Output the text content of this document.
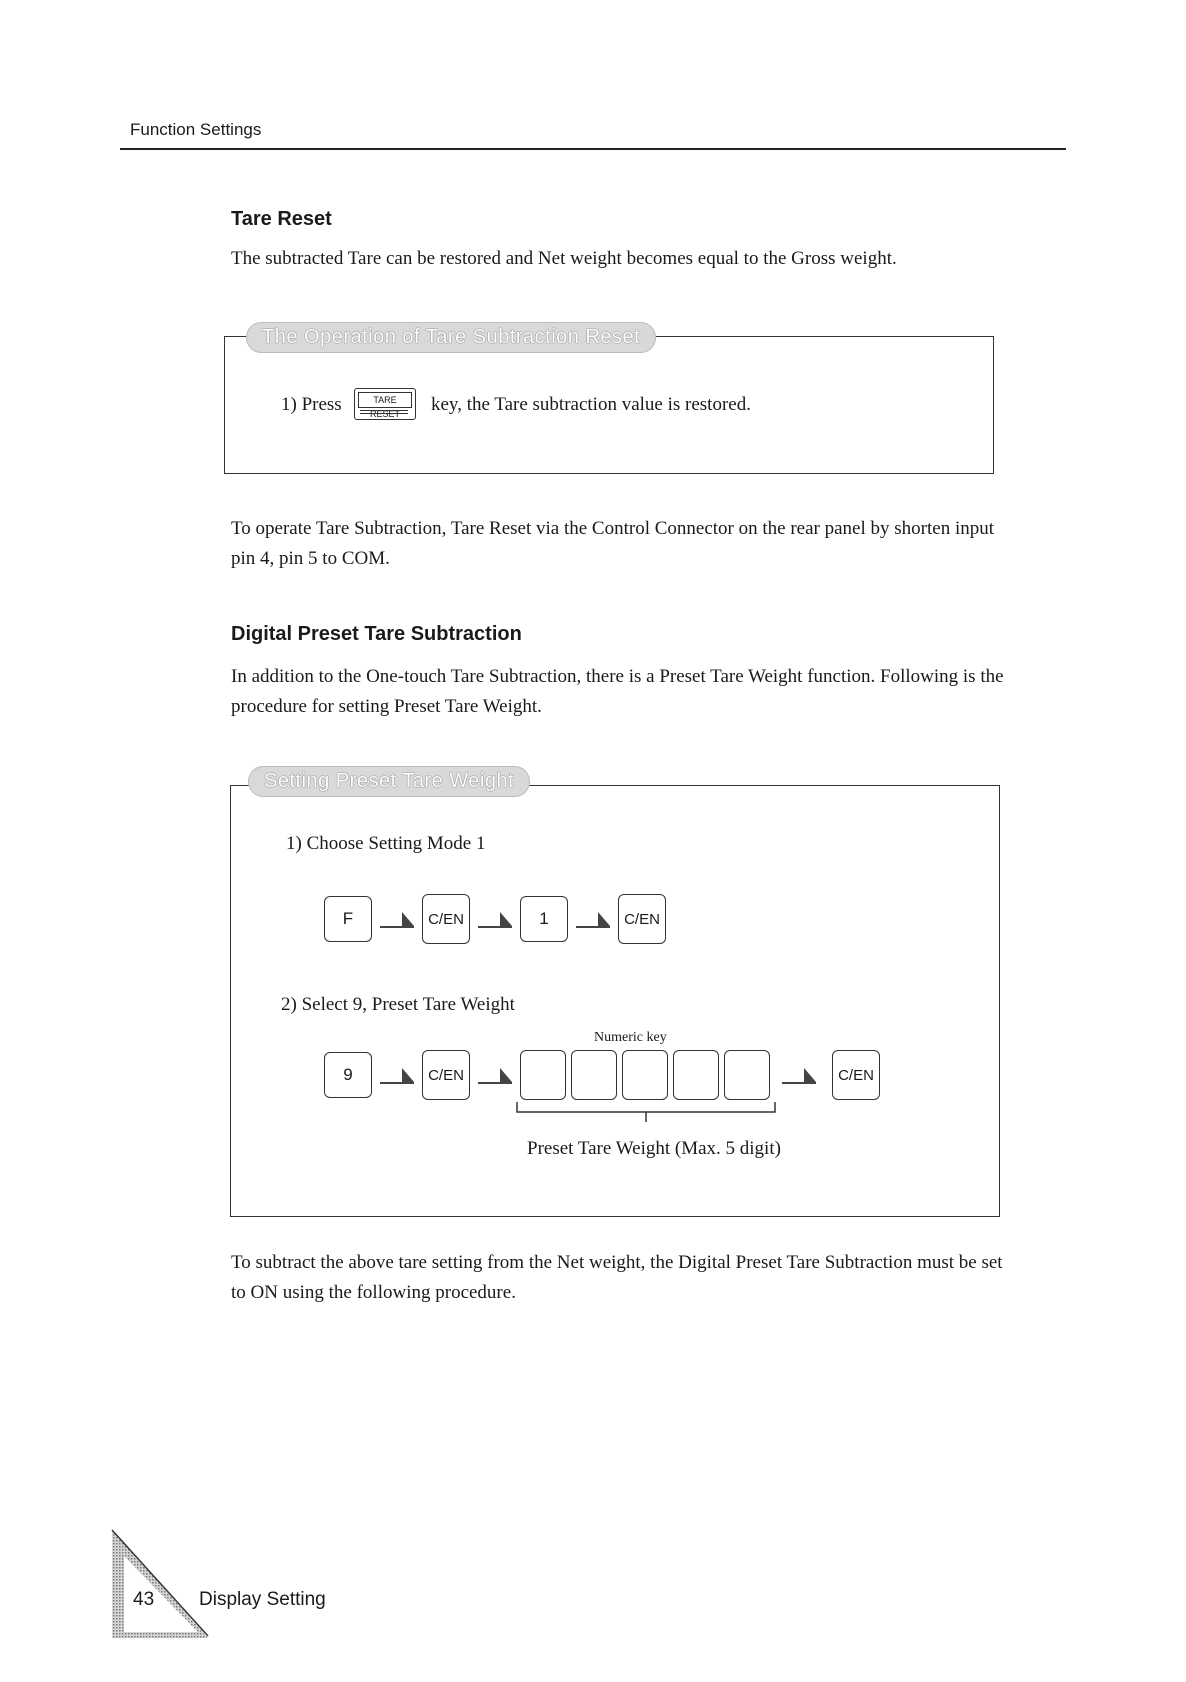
Function Settings
Tare Reset
The subtracted Tare can be restored and Net weight becomes equal to the Gross weight.
The Operation of Tare Subtraction Reset
1) Press	TARE RESET	key, the Tare subtraction value is restored.
To operate Tare Subtraction, Tare Reset via the Control Connector on the rear panel by shorten input
pin 4, pin 5 to COM.
Digital Preset Tare Subtraction
In addition to the One-touch Tare Subtraction, there is a Preset Tare Weight function. Following is the
procedure for setting Preset Tare Weight.
Setting Preset Tare Weight
1) Choose Setting Mode 1
F	C/EN	1	C/EN
2) Select 9, Preset Tare Weight
Numeric key
9	C/EN	C/EN
Preset Tare Weight (Max. 5 digit)
To subtract the above tare setting from the Net weight, the Digital Preset Tare Subtraction must be set
to ON using the following procedure.
43 Display Setting
